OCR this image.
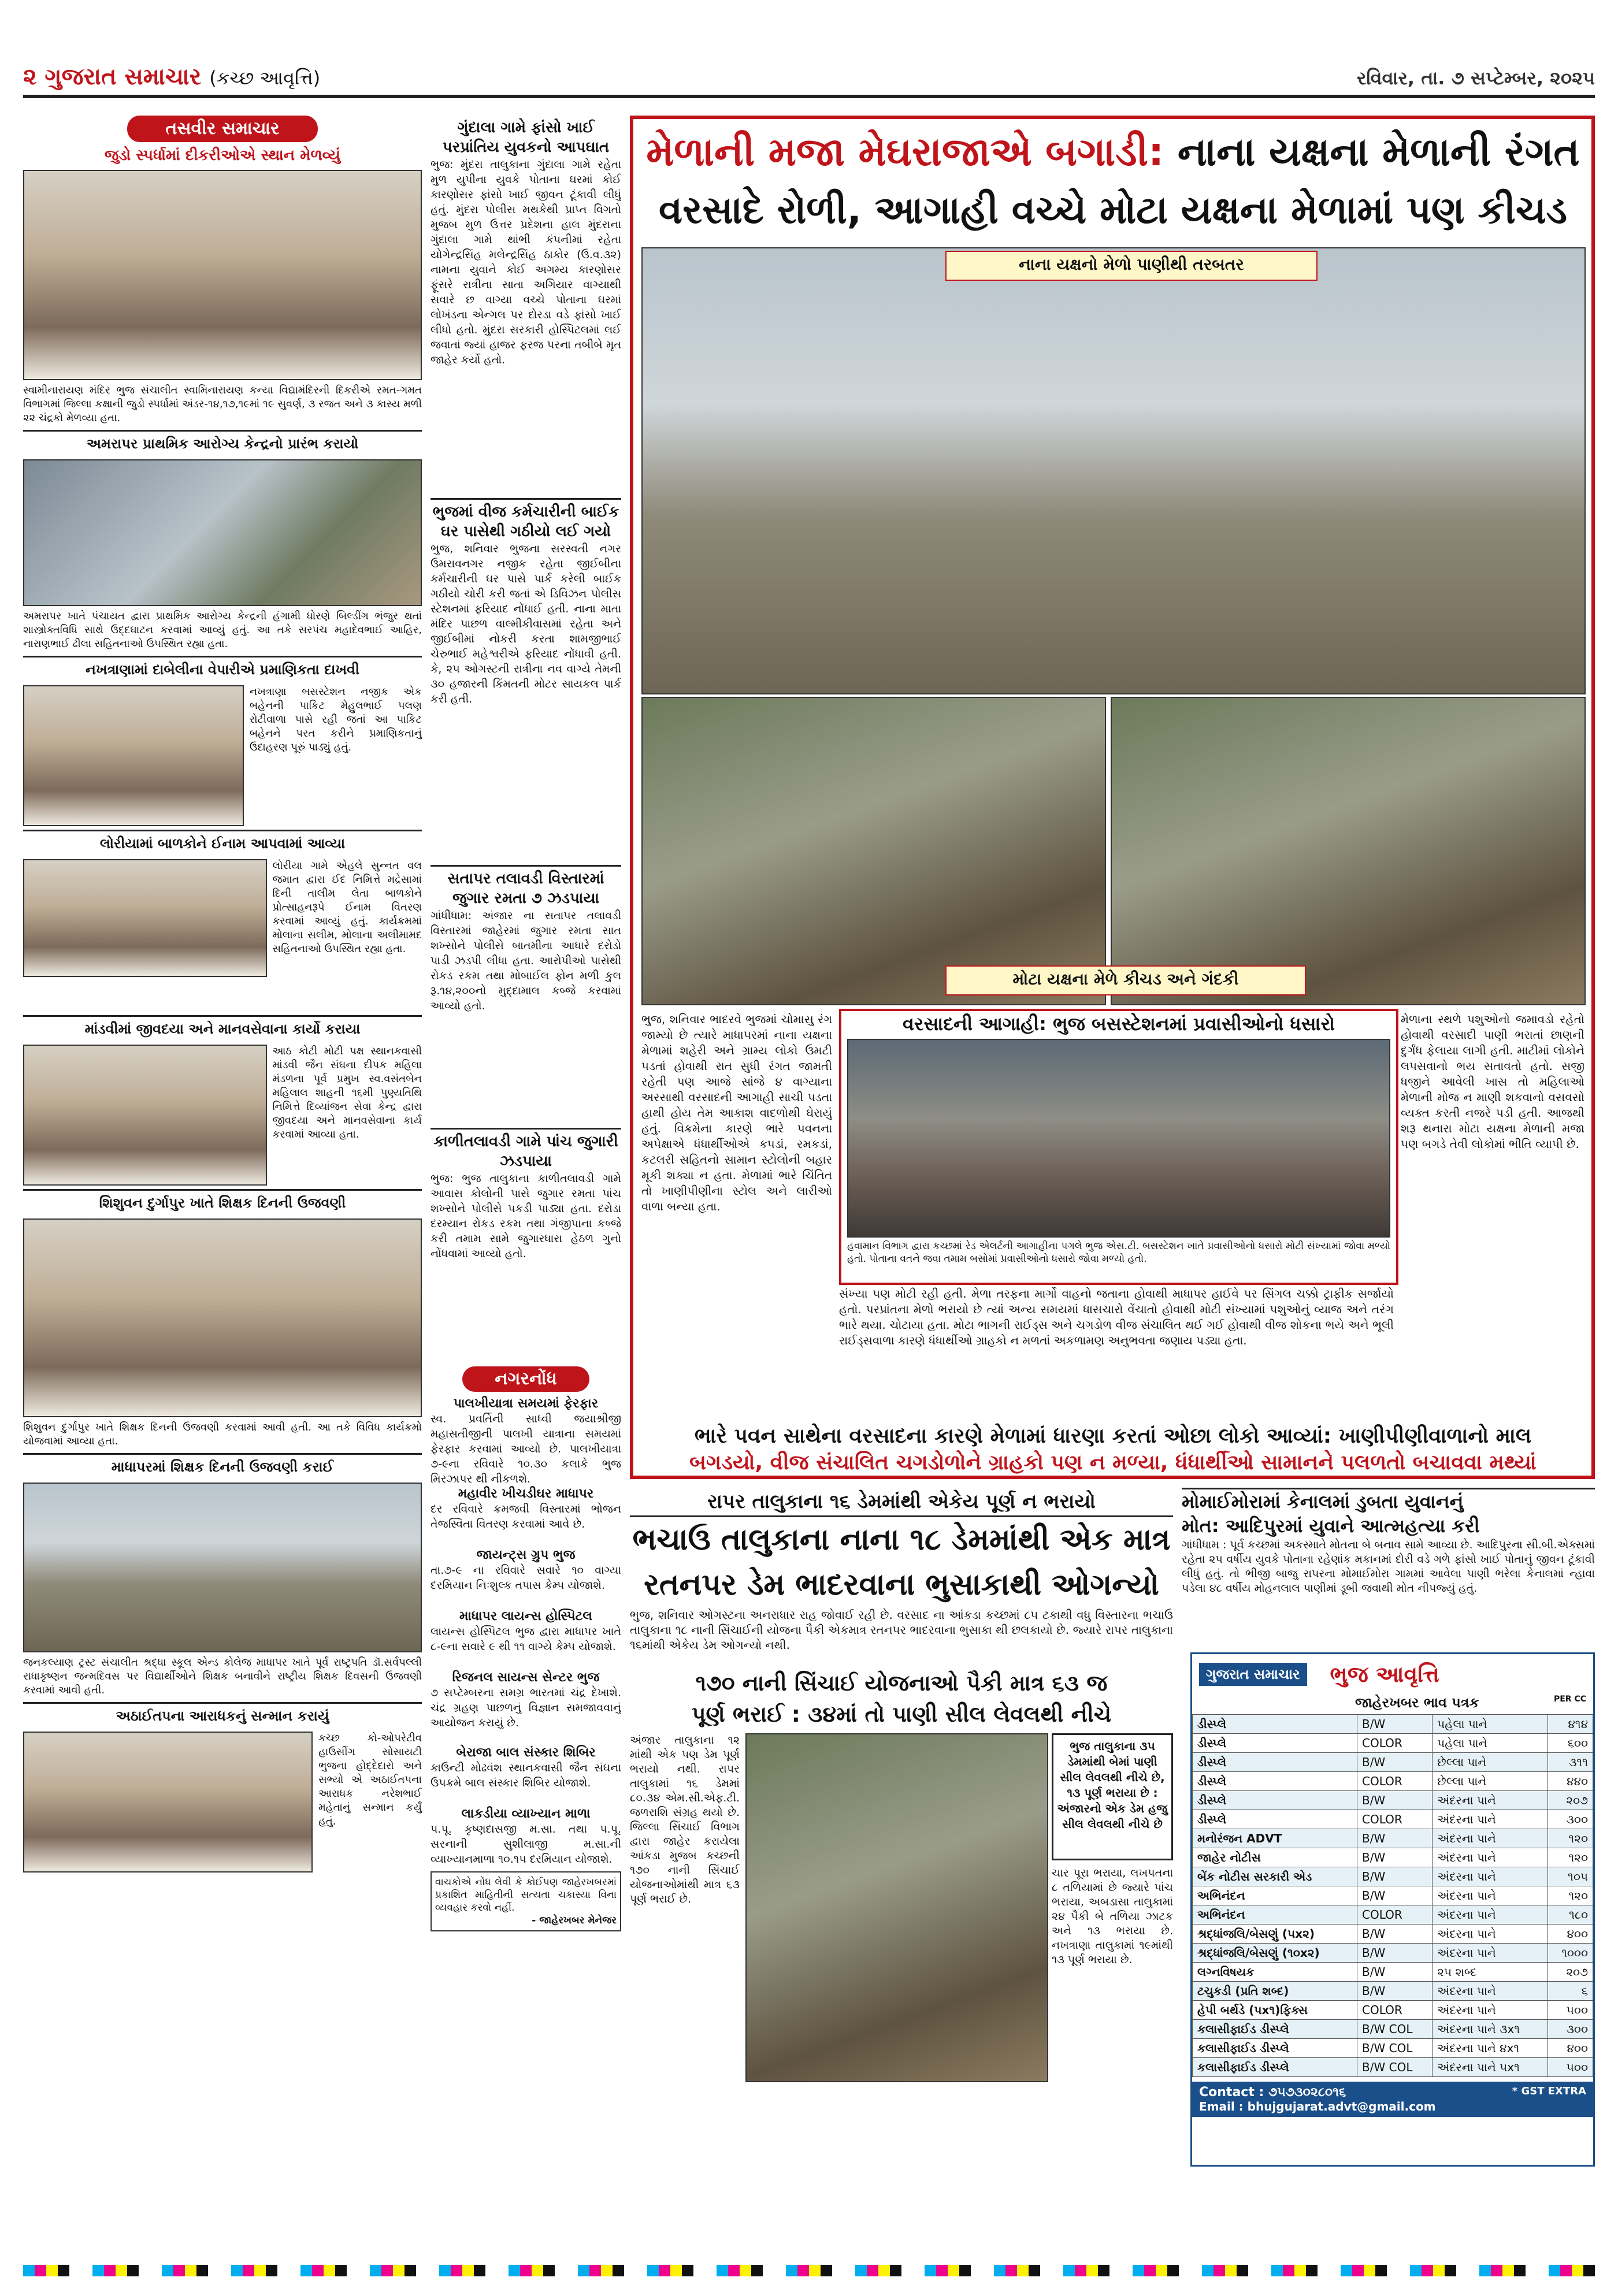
૨ ગુજરાત સમાચાર (કચ્છ આવૃત્તિ)	રવિવાર, તા. ૭ સપ્ટેમ્બર, ૨૦૨૫
તસવીર સમાચાર
જુડો સ્પર્ધામાં દીકરીઓએ સ્થાન મેળવ્યું
સ્વામીનારાયણ મંદિર ભુજ સંચાલીત સ્વામિનારાયણ કન્યા વિદ્યામંદિરની દિકરીએ રમત-ગમત વિભાગમાં જિલ્લા કક્ષાની જુડો સ્પર્ધામાં અંડર-૧૪,૧૭,૧૯માં ૧૯ સુવર્ણ, ૩ રજત અને ૩ કાસ્ય મળી ૨૨ ચંદ્રકો મેળવ્યા હતા.
અમરાપર પ્રાથમિક આરોગ્ય કેન્દ્રનો પ્રારંભ કરાયો
અમરાપર ખાતે પંચાયત દ્વારા પ્રાથમિક આરોગ્ય કેન્દ્રની હંગામી ધોરણે બિલ્ડીંગ ભંજુર થતાં શાસ્ત્રોક્તવિધિ સાથે ઉદ્દઘાટન કરવામાં આવ્યું હતું. આ તકે સરપંચ મહાદેવભાઈ આહિર, નારાણભાઈ ઢીલા સહિતનાઓ ઉપસ્થિત રહ્યા હતા.
નખત્રાણામાં દાબેલીના વેપારીએ પ્રમાણિકતા દાખવી
નખત્રાણા બસસ્ટેશન નજીક એક બહેનની પાકિટ મેહુલભાઈ પલણ રોટીવાળા પાસે રહી જતાં આ પાકિટ બહેનને પરત કરીને પ્રમાણિકતાનું ઉદાહરણ પૂરું પાડ્યું હતું.
લોરીયામાં બાળકોને ઈનામ આપવામાં આવ્યા
લોરીયા ગામે એહલે સુન્નત વલ જમાત દ્વારા ઈદ નિમિત્તે મદ્રેસામાં દિની તાલીમ લેતા બાળકોને પ્રોત્સાહનરૂપે ઈનામ વિતરણ કરવામાં આવ્યું હતું. કાર્યક્રમમાં મોલાના સલીમ, મોલાના અલીમામદ સહિતનાઓ ઉપસ્થિત રહ્યા હતા.
માંડવીમાં જીવદયા અને માનવસેવાના કાર્યો કરાયા
આઠ કોટી મોટી પક્ષ સ્થાનકવાસી માંડવી જૈન સંઘના દીપક મહિલા મંડળના પૂર્વ પ્રમુખ સ્વ.વસંતબેન મહિલાલ શાહની ૧૬મી પુણ્યતિથિ નિમિત્તે દિવ્યાંજન સેવા કેન્દ્ર દ્વારા જીવદયા અને માનવસેવાના કાર્ય કરવામાં આવ્યા હતા.
શિશુવન દુર્ગાપુર ખાતે શિક્ષક દિનની ઉજવણી
શિશુવન દુર્ગાપુર ખાતે શિક્ષક દિનની ઉજવણી કરવામાં આવી હતી. આ તકે વિવિધ કાર્યક્રમો યોજવામાં આવ્યા હતા.
માધાપરમાં શિક્ષક દિનની ઉજવણી કરાઈ
જનકલ્યાણ ટ્રસ્ટ સંચાલીત શ્રદ્ધા સ્કૂલ એન્ડ કોલેજ માધાપર ખાતે પૂર્વ રાષ્ટ્રપતિ ડૉ.સર્વપલ્લી રાધાકૃષ્ણન જન્મદિવસ પર વિદ્યાર્થીઓને શિક્ષક બનાવીને રાષ્ટ્રીય શિક્ષક દિવસની ઉજવણી કરવામાં આવી હતી.
અઠાઈતપના આરાધકનું સન્માન કરાયું
કચ્છ કો-ઓપરેટીવ હાઉસીંગ સોસાયટી ભુજના હોદ્દેદારો અને સભ્યો એ અઠાઈતપના આરાધક નરેશભાઈ મહેતાનું સન્માન કર્યું હતું.
ગુંદાલા ગામે ફાંસો ખાઈ પરપ્રાંતિય યુવકનો આપઘાત
ભુજ: મુંદરા તાલુકાના ગુંદાલા ગામે રહેતા મુળ યુપીના યુવકે પોતાના ઘરમાં કોઈ કારણોસર ફાંસો ખાઈ જીવન ટૂંકાવી લીધું હતું. મુંદરા પોલીસ મથકેથી પ્રાપ્ત વિગતો મુજબ મુળ ઉત્તર પ્રદેશના હાલ મુંદરાના ગુંદાલા ગામે થાંભી કંપનીમાં રહેતા યોગેન્દ્રસિંહ મલેન્દ્રસિંહ ઠાકોર (ઉ.વ.૩૨) નામના યુવાને કોઈ અગમ્ય કારણોસર ફૂંસરે રાત્રીના સાતા અગિયાર વાગ્યાથી સવારે છ વાગ્યા વચ્ચે પોતાના ઘરમાં લોખંડના એન્ગલ પર દોરડા વડે ફાંસો ખાઈ લીધો હતો. મુંદરા સરકારી હોસ્પિટલમાં લઈ જવાતાં જ્યાં હાજર ફરજ પરના તબીબે મૃત જાહેર કર્યો હતો.
ભુજમાં વીજ કર્મચારીની બાઈક ઘર પાસેથી ગઠીયો લઈ ગયો
ભુજ, શનિવાર ભુજના સરસ્વતી નગર ઉમરાવનગર નજીક રહેતા જીઈબીના કર્મચારીની ઘર પાસે પાર્ક કરેલી બાઈક ગઠીયો ચોરી કરી જતાં એ ડિવિઝન પોલીસ સ્ટેશનમાં ફરિયાદ નોંધાઈ હતી. નાના માતા મંદિર પાછળ વાલ્મીકીવાસમાં રહેતા અને જીઈબીમાં નોકરી કરતા શામજીભાઈ ચેરુભાઈ મહેશ્વરીએ ફરિયાદ નોંધાવી હતી. કે, ૨૫ ઓગસ્ટની રાત્રીના નવ વાગ્યે તેમની ૩૦ હજારની કિંમતની મોટર સાયકલ પાર્ક કરી હતી.
સતાપર તલાવડી વિસ્તારમાં જુગાર રમતા ૭ ઝડપાયા
ગાંધીધામ: અંજાર ના સતાપર તલાવડી વિસ્તારમાં જાહેરમાં જુગાર રમતા સાત શખ્સોને પોલીસે બાતમીના આધારે દરોડો પાડી ઝડપી લીધા હતા. આરોપીઓ પાસેથી રોકડ રકમ તથા મોબાઈલ ફોન મળી કુલ રૂ.૧૪,૨૦૦નો મુદ્દામાલ કબ્જે કરવામાં આવ્યો હતો.
કાળીતલાવડી ગામે પાંચ જુગારી ઝડપાયા
ભુજ: ભુજ તાલુકાના કાળીતલાવડી ગામે આવાસ કોલોની પાસે જુગાર રમતા પાંચ શખ્સોને પોલીસે પકડી પાડ્યા હતા. દરોડા દરમ્યાન રોકડ રકમ તથા ગંજીપાના કબ્જે કરી તમામ સામે જુગારધારા હેઠળ ગુનો નોંધવામાં આવ્યો હતો.
નગરનોંધ
પાલખીયાત્રા સમયમાં ફેરફાર
સ્વ. પ્રવર્તિની સાધ્વી જયાશ્રીજી મહાસતીજીની પાલખી યાત્રાના સમયમાં ફેરફાર કરવામાં આવ્યો છે. પાલખીયાત્રા ૭-૯ના રવિવારે ૧૦.૩૦ કલાકે ભુજ મિરઝાપર થી નીકળશે.
મહાવીર ખીચડીઘર માધાપર
દર રવિવારે ક્રમજવી વિસ્તારમાં ભોજન તેજસ્વિતા વિતરણ કરવામાં આવે છે.
જાયન્ટ્સ ગ્રુપ ભુજ
તા.૭-૯ ના રવિવારે સવારે ૧૦ વાગ્યા દરમિયાન નિઃશુલ્ક તપાસ કેમ્પ યોજાશે.
માધાપર લાયન્સ હોસ્પિટલ
લાયન્સ હોસ્પિટલ ભુજ દ્વારા માધાપર ખાતે ૮-૯ના સવારે ૯ થી ૧૧ વાગ્યે કેમ્પ યોજાશે.
રિજનલ સાયન્સ સેન્ટર ભુજ
૭ સપ્ટેમ્બરના સમગ્ર ભારતમાં ચંદ્ર દેખાશે. ચંદ્ર ગ્રહણ પાછળનું વિજ્ઞાન સમજાવવાનું આયોજન કરાયું છે.
બેરાજા બાલ સંસ્કાર શિબિર
કાઉન્ટી મોઢવંશ સ્થાનકવાસી જૈન સંઘના ઉપક્રમે બાલ સંસ્કાર શિબિર યોજાશે.
લાકડીયા વ્યાખ્યાન માળા
પ.પૂ. કૃષ્ણદાસજી મ.સા. તથા પ.પૂ. સરનાની સુશીલાજી મ.સા.ની વ્યાખ્યાનમાળા ૧૦.૧૫ દરમિયાન યોજાશે.
વાચકોએ નોંધ લેવી કે કોઈપણ જાહેરખબરમાં પ્રકાશિત માહિતીની સત્યતા ચકાસ્યા વિના વ્યવહાર કરવો નહીં.
- જાહેરખબર મેનેજર
મેળાની મજા મેઘરાજાએ બગાડી: નાના યક્ષના મેળાની રંગત
વરસાદે રોળી, આગાહી વચ્ચે મોટા યક્ષના મેળામાં પણ કીચડ
નાના યક્ષનો મેળો પાણીથી તરબતર
મોટા યક્ષના મેળે કીચડ અને ગંદકી
ભુજ, શનિવાર ભાદરવે ભુજમાં ચોમાસુ રંગ જામ્યો છે ત્યારે માધાપરમાં નાના યક્ષના મેળામાં શહેરી અને ગ્રામ્ય લોકો ઉમટી પડતાં હોવાથી રાત સુધી રંગત જામતી રહેતી પણ આજે સાંજે ૪ વાગ્યાના અરસાથી વરસાદની આગાહી સાચી પડતા હાથી હોય તેમ આકાશ વાદળોથી ઘેરાયું હતું. વિક્રમેના કારણે ભારે પવનના અપેક્ષાએ ધંધાર્થીઓએ કપડાં, રમકડાં, કટલરી સહિતનો સામાન સ્ટોલોની બહાર મૂકી શક્યા ન હતા. મેળામાં ભારે ચિંતિત તો ખાણીપીણીના સ્ટોલ અને લારીઓ વાળા બન્યા હતા.
વરસાદની આગાહી: ભુજ બસસ્ટેશનમાં પ્રવાસીઓનો ધસારો
હવામાન વિભાગ દ્વારા કચ્છમાં રેડ એલર્ટની આગાહીના પગલે ભુજ એસ.ટી. બસસ્ટેશન ખાતે પ્રવાસીઓનો ધસારો મોટી સંખ્યામાં જોવા મળ્યો હતો. પોતાના વતને જવા તમામ બસોમાં પ્રવાસીઓનો ધસારો જોવા મળ્યો હતો.
મેળાના સ્થળે પશુઓનો જમાવડો રહેતો હોવાથી વરસાદી પાણી ભરાતાં છાણની દુર્ગંધ ફેલાયા લાગી હતી. માટીમાં લોકોને લપસવાનો ભય સતાવતો હતો. સજી ધજીને આવેલી ખાસ તો મહિલાઓ મેળાની મોજ ન માણી શકવાનો વસવસો વ્યક્ત કરતી નજરે પડી હતી. આજથી શરૂ થનારા મોટા યક્ષના મેળાની મજા પણ બગડે તેવી લોકોમાં ભીતિ વ્યાપી છે.
સંખ્યા પણ મોટી રહી હતી. મેળા તરફના માર્ગો વાહનો જતાના હોવાથી માધાપર હાઈવે પર સિંગલ ચક્કો ટ્રાફીક સર્જાયો હતો. પરપ્રાંતના મેળો ભરાયો છે ત્યાં અન્ય સમયમાં ધાસચારો વેંચાતો હોવાથી મોટી સંખ્યામાં પશુઓનું વ્યાજ અને તરંગ ભારે થયા. ચોટાયા હતા. મોટા ભાગની રાઈડ્સ અને ચગડોળ વીજ સંચાલિત થઈ ગઈ હોવાથી વીજ શોકના ભયે અને ભૂલી રાઈડ્સવાળા કારણે ધંધાર્થીઓ ગ્રાહકો ન મળતાં અકળામણ અનુભવતા જણાય પડ્યા હતા.
ભારે પવન સાથેના વરસાદના કારણે મેળામાં ધારણા કરતાં ઓછા લોકો આવ્યાં: ખાણીપીણીવાળાનો માલ
બગડયો, વીજ સંચાલિત ચગડોળોને ગ્રાહકો પણ ન મળ્યા, ધંધાર્થીઓ સામાનને પલળતો બચાવવા મથ્યાં
રાપર તાલુકાના ૧૬ ડેમમાંથી એકેય પૂર્ણ ન ભરાયો
ભચાઉ તાલુકાના નાના ૧૮ ડેમમાંથી એક માત્ર
રતનપર ડેમ ભાદરવાના ભુસાકાથી ઓગન્યો
ભુજ, શનિવાર ઓગસ્ટના અનરાધાર રાહ જોવાઈ રહી છે. વરસાદ ના આંકડા કચ્છમાં ૮૫ ટકાથી વધુ વિસ્તારના ભચાઉ તાલુકાના ૧૮ નાની સિંચાઈની યોજના પૈકી એકમાત્ર રતનપર ભાદરવાના ભુસાકા થી છલકાયો છે. જ્યારે રાપર તાલુકાના ૧૬માંથી એકેય ડેમ ઓગન્યો નથી.
૧૭૦ નાની સિંચાઈ યોજનાઓ પૈકી માત્ર ૬૩ જ
પૂર્ણ ભરાઈ : ૩૪માં તો પાણી સીલ લેવલથી નીચે
અંજાર તાલુકાના ૧૨ માંથી એક પણ ડેમ પૂર્ણ ભરાયો નથી. રાપર તાલુકામાં ૧૬ ડેમમાં ૮૦.૩૪ એમ.સી.એફ.ટી. જળરાશિ સંગ્રહ થયો છે. જિલ્લા સિંચાઈ વિભાગ દ્વારા જાહેર કરાયેલા આંકડા મુજબ કચ્છની ૧૭૦ નાની સિંચાઈ યોજનાઓમાંથી માત્ર ૬૩ પૂર્ણ ભરાઈ છે.
ભુજ તાલુકાના ૩૫ ડેમમાંથી બેમાં પાણી સીલ લેવલથી નીચે છે, ૧૩ પૂર્ણ ભરાયા છે : અંજારનો એક ડેમ હજુ સીલ લેવલથી નીચે છે
ચાર પૂરા ભરાયા, લખપતના ૮ તળિયામાં છે જ્યારે પાંચ ભરાયા, અબડાસા તાલુકામાં ૨૪ પૈકી બે તળિયા ઝાટક અને ૧૩ ભરાયા છે. નખત્રાણા તાલુકામાં ૧૯માંથી ૧૩ પૂર્ણ ભરાયા છે.
મોમાઈમોરામાં કેનાલમાં ડુબતા યુવાનનું
મોત: આદિપુરમાં યુવાને આત્મહત્યા કરી
ગાંધીધામ : પૂર્વ કચ્છમાં અકસ્માતે મોતના બે બનાવ સામે આવ્યા છે. આદિપુરના સી.બી.એક્સમાં રહેતા ૨૫ વર્ષીય યુવકે પોતાના રહેણાંક મકાનમાં દોરી વડે ગળે ફાંસો ખાઈ પોતાનું જીવન ટૂંકાવી લીધું હતું. તો ભીજી બાજુ રાપરના મોમાઈમોરા ગામમાં આવેલા પાણી ભરેલા કેનાલમાં ન્હાવા પડેલા ૪૮ વર્ષીય મોહનલાલ પાણીમાં ડૂબી જવાથી મોત નીપજ્યું હતું.
ગુજરાત સમાચાર	ભુજ આવૃત્તિ
જાહેરખબર ભાવ પત્રક	PER CC
ડીસ્પ્લે	B/W	પહેલા પાને	૪૧૪
ડીસ્પ્લે	COLOR	પહેલા પાને	૬૦૦
ડીસ્પ્લે	B/W	છેલ્લા પાને	૩૧૧
ડીસ્પ્લે	COLOR	છેલ્લા પાને	૪૪૦
ડીસ્પ્લે	B/W	અંદરના પાને	૨૦૭
ડીસ્પ્લે	COLOR	અંદરના પાને	૩૦૦
મનોરંજન ADVT	B/W	અંદરના પાને	૧૨૦
જાહેર નોટીસ	B/W	અંદરના પાને	૧૨૦
બેંક નોટીસ સરકારી એડ	B/W	અંદરના પાને	૧૦૫
અભિનંદન	B/W	અંદરના પાને	૧૨૦
અભિનંદન	COLOR	અંદરના પાને	૧૮૦
શ્રદ્ધાંજલિ/બેસણું (૫x૨)	B/W	અંદરના પાને	૪૦૦
શ્રદ્ધાંજલિ/બેસણું (૧૦x૨)	B/W	અંદરના પાને	૧૦૦૦
લગ્નવિષયક	B/W	૨૫ શબ્દ	૨૦૭
ટચુકડી (પ્રતિ શબ્દ)	B/W	અંદરના પાને	૬
હેપી બર્થડે (૫x૧)ફિક્સ	COLOR	અંદરના પાને	૫૦૦
કલાસીફાઈડ ડીસ્પ્લે	B/W COL	અંદરના પાને ૩x૧	૩૦૦
કલાસીફાઈડ ડીસ્પ્લે	B/W COL	અંદરના પાને ૪x૧	૪૦૦
કલાસીફાઈડ ડીસ્પ્લે	B/W COL	અંદરના પાને ૫x૧	૫૦૦
Contact : ૭૫૭૩૦૨૮૦૧૬	* GST EXTRA
Email : bhujgujarat.advt@gmail.com
